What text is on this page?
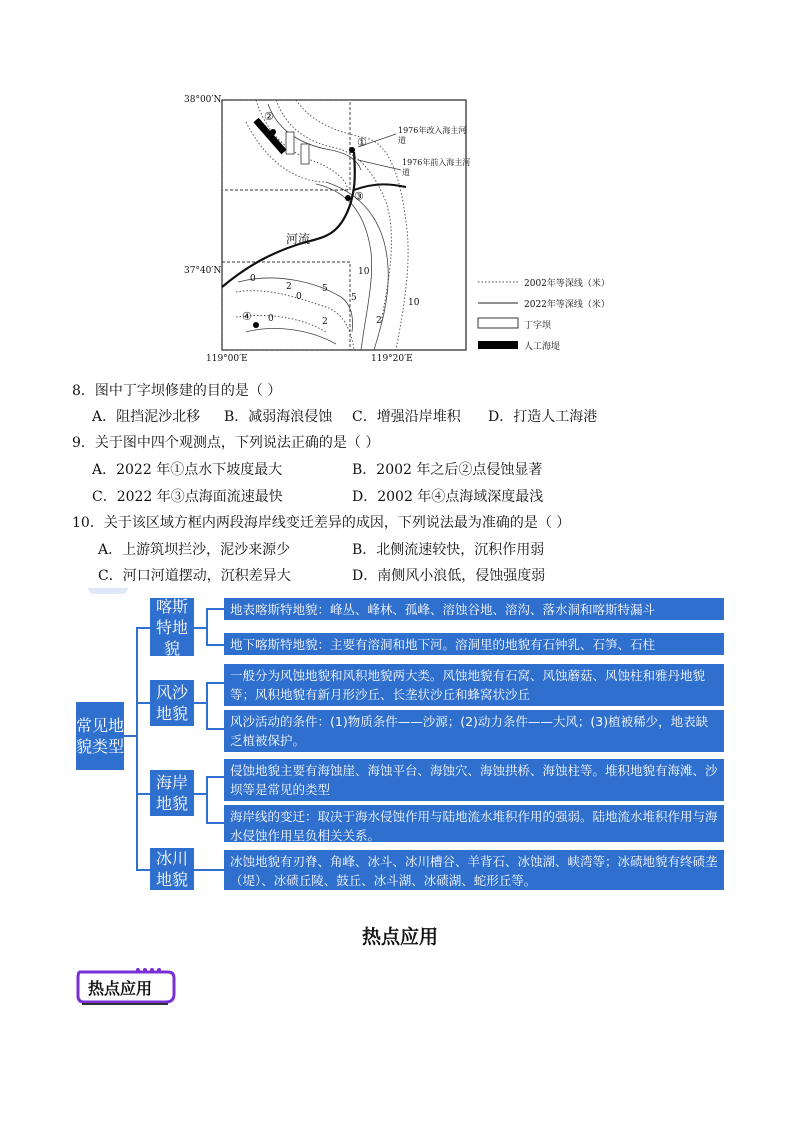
38°00′N
37°40′N
119°00′E	119°20′E
河流
1976年改入海主河道
1976年前入海主河道
②
①
③
④
0
2	5
10
0	2
5	10
0
2
2002年等深线（米）
2022年等深线（米）
丁字坝
人工海堤
8．图中丁字坝修建的目的是（ ）
A．阻挡泥沙北移 B．减弱海浪侵蚀 C．增强沿岸堆积 D．打造人工海港
9．关于图中四个观测点，下列说法正确的是（ ）
A．2022 年①点水下坡度最大	B．2002 年之后②点侵蚀显著
C．2022 年③点海面流速最快	D．2002 年④点海域深度最浅
10．关于该区域方框内两段海岸线变迁差异的成因，下列说法最为准确的是（ ）
A．上游筑坝拦沙，泥沙来源少	B．北侧流速较快，沉积作用弱
C．河口河道摆动，沉积差异大	D．南侧风小浪低，侵蚀强度弱
常见地貌类型
喀斯特地貌
地表喀斯特地貌：峰丛、峰林、孤峰、溶蚀谷地、溶沟、落水洞和喀斯特漏斗
地下喀斯特地貌：主要有溶洞和地下河。溶洞里的地貌有石钟乳、石笋、石柱
风沙地貌
一般分为风蚀地貌和风积地貌两大类。风蚀地貌有石窝、风蚀蘑菇、风蚀柱和雅丹地貌等；风积地貌有新月形沙丘、长垄状沙丘和蜂窝状沙丘
风沙活动的条件：(1)物质条件——沙源；(2)动力条件——大风；(3)植被稀少，地表缺乏植被保护。
海岸地貌
侵蚀地貌主要有海蚀崖、海蚀平台、海蚀穴、海蚀拱桥、海蚀柱等。堆积地貌有海滩、沙坝等是常见的类型
海岸线的变迁：取决于海水侵蚀作用与陆地流水堆积作用的强弱。陆地流水堆积作用与海水侵蚀作用呈负相关关系。
冰川地貌
冰蚀地貌有刃脊、角峰、冰斗、冰川槽谷、羊背石、冰蚀湖、峡湾等；冰碛地貌有终碛垄（堤）、冰碛丘陵、鼓丘、冰斗湖、冰碛湖、蛇形丘等。
热点应用
热点应用
